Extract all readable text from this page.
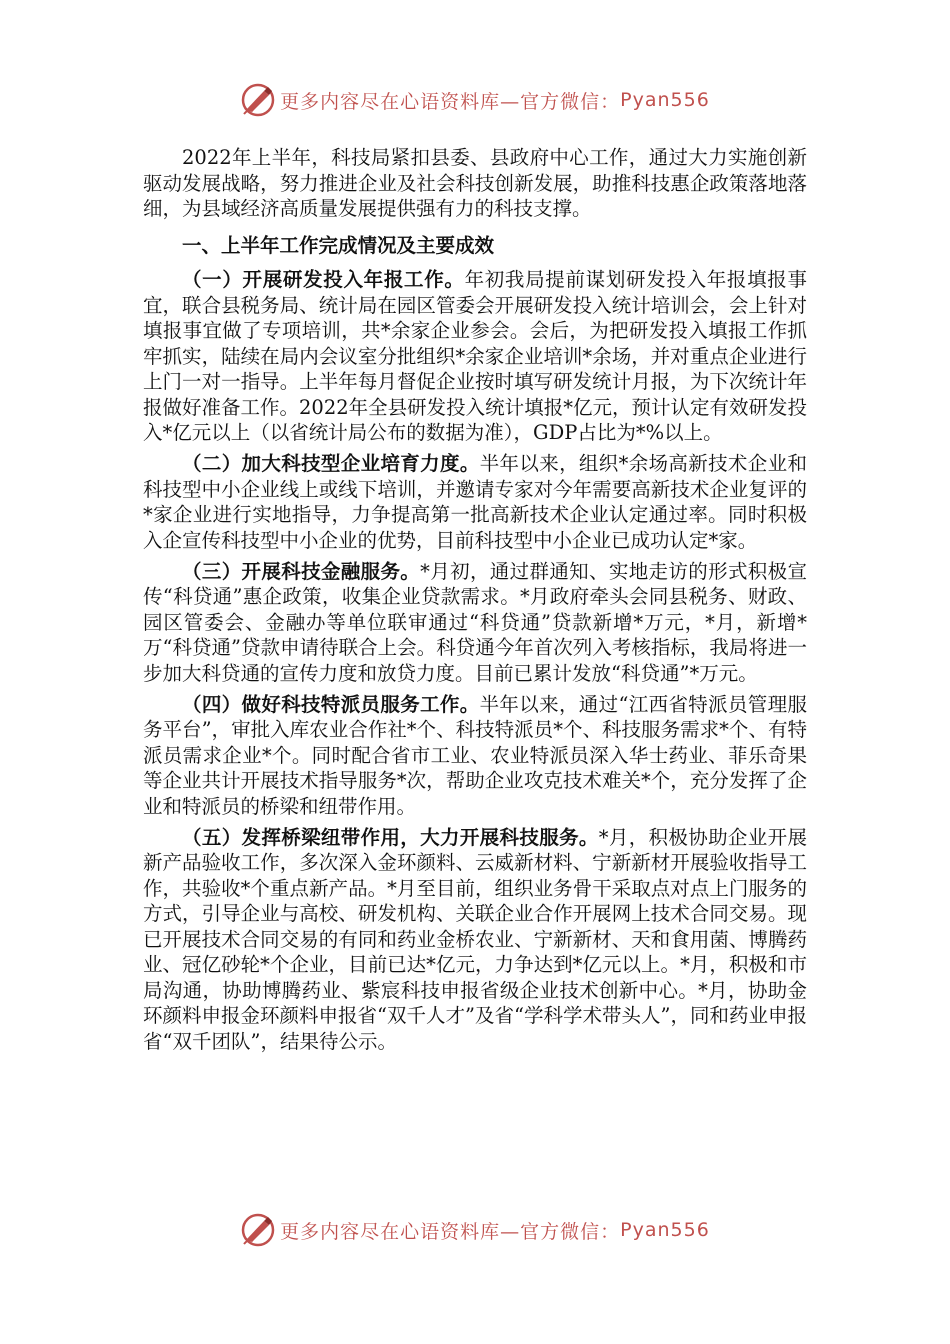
更多内容尽在心语资料库—官方微信： Pyan556

2022年上半年，科技局紧扣县委、县政府中心工作，通过大力实施创新驱动发展战略，努力推进企业及社会科技创新发展，助推科技惠企政策落地落细，为县域经济高质量发展提供强有力的科技支撑。

一、上半年工作完成情况及主要成效

（一）开展研发投入年报工作。年初我局提前谋划研发投入年报填报事宜，联合县税务局、统计局在园区管委会开展研发投入统计培训会，会上针对填报事宜做了专项培训，共*余家企业参会。会后，为把研发投入填报工作抓牢抓实，陆续在局内会议室分批组织*余家企业培训*余场，并对重点企业进行上门一对一指导。上半年每月督促企业按时填写研发统计月报，为下次统计年报做好准备工作。2022年全县研发投入统计填报*亿元，预计认定有效研发投入*亿元以上（以省统计局公布的数据为准），GDP占比为*%以上。

（二）加大科技型企业培育力度。半年以来，组织*余场高新技术企业和科技型中小企业线上或线下培训，并邀请专家对今年需要高新技术企业复评的*家企业进行实地指导，力争提高第一批高新技术企业认定通过率。同时积极入企宣传科技型中小企业的优势，目前科技型中小企业已成功认定*家。

（三）开展科技金融服务。*月初，通过群通知、实地走访的形式积极宣传“科贷通”惠企政策，收集企业贷款需求。*月政府牵头会同县税务、财政、园区管委会、金融办等单位联审通过“科贷通”贷款新增*万元，*月，新增*万“科贷通”贷款申请待联合上会。科贷通今年首次列入考核指标，我局将进一步加大科贷通的宣传力度和放贷力度。目前已累计发放“科贷通”*万元。

（四）做好科技特派员服务工作。半年以来，通过“江西省特派员管理服务平台”，审批入库农业合作社*个、科技特派员*个、科技服务需求*个、有特派员需求企业*个。同时配合省市工业、农业特派员深入华士药业、菲乐奇果等企业共计开展技术指导服务*次，帮助企业攻克技术难关*个，充分发挥了企业和特派员的桥梁和纽带作用。

（五）发挥桥梁纽带作用，大力开展科技服务。*月，积极协助企业开展新产品验收工作，多次深入金环颜料、云威新材料、宁新新材开展验收指导工作，共验收*个重点新产品。*月至目前，组织业务骨干采取点对点上门服务的方式，引导企业与高校、研发机构、关联企业合作开展网上技术合同交易。现已开展技术合同交易的有同和药业金桥农业、宁新新材、天和食用菌、博腾药业、冠亿砂轮*个企业，目前已达*亿元，力争达到*亿元以上。*月，积极和市局沟通，协助博腾药业、紫宸科技申报省级企业技术创新中心。*月，协助金环颜料申报金环颜料申报省“双千人才”及省“学科学术带头人”，同和药业申报省“双千团队”，结果待公示。

更多内容尽在心语资料库—官方微信： Pyan556
